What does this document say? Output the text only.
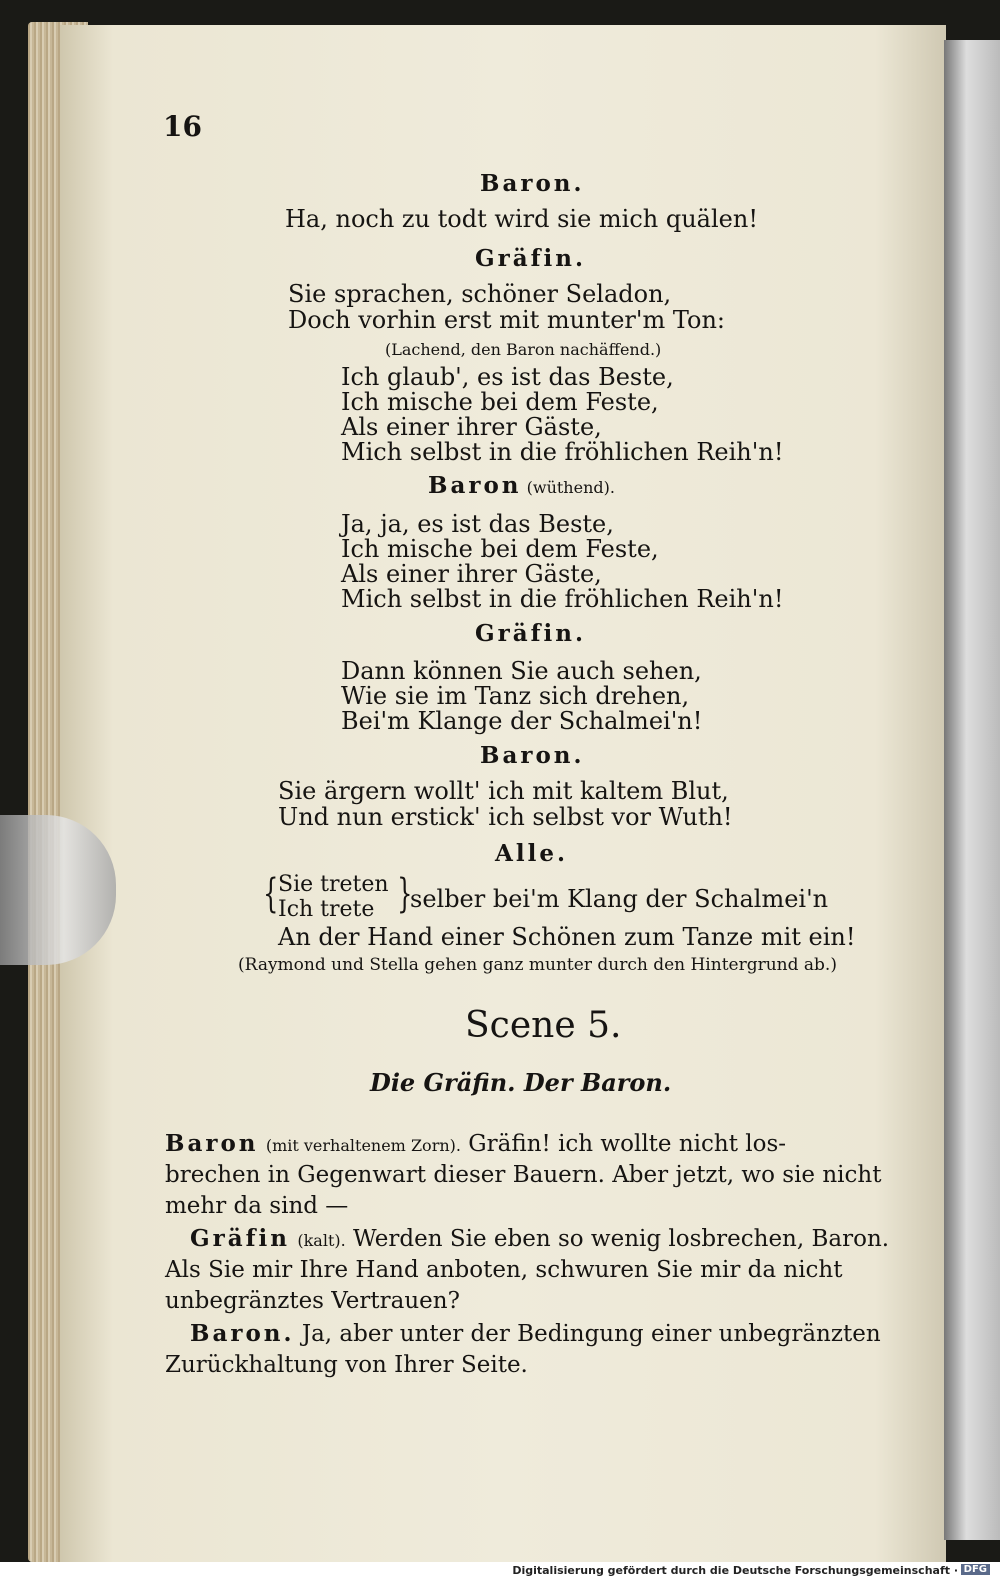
16
Baron.
Ha, noch zu todt wird sie mich quälen!
Gräfin.
Sie sprachen, schöner Seladon,
Doch vorhin erst mit munter'm Ton:
(Lachend, den Baron nachäffend.)
Ich glaub', es ist das Beste,
Ich mische bei dem Feste,
Als einer ihrer Gäste,
Mich selbst in die fröhlichen Reih'n!
Baron (wüthend).
Ja, ja, es ist das Beste,
Ich mische bei dem Feste,
Als einer ihrer Gäste,
Mich selbst in die fröhlichen Reih'n!
Gräfin.
Dann können Sie auch sehen,
Wie sie im Tanz sich drehen,
Bei'm Klange der Schalmei'n!
Baron.
Sie ärgern wollt' ich mit kaltem Blut,
Und nun erstick' ich selbst vor Wuth!
Alle.
{ Sie treten
Ich trete }
selber bei'm Klang der Schalmei'n
An der Hand einer Schönen zum Tanze mit ein!
(Raymond und Stella gehen ganz munter durch den Hintergrund ab.)
Scene 5.
Die Gräfin. Der Baron.
Baron (mit verhaltenem Zorn). Gräfin! ich wollte nicht los-
brechen in Gegenwart dieser Bauern. Aber jetzt, wo sie nicht
mehr da sind —
Gräfin (kalt). Werden Sie eben so wenig losbrechen, Baron.
Als Sie mir Ihre Hand anboten, schwuren Sie mir da nicht
unbegränztes Vertrauen?
Baron. Ja, aber unter der Bedingung einer unbegränzten
Zurückhaltung von Ihrer Seite.
Digitalisierung gefördert durch die Deutsche Forschungsgemeinschaft · DFG
